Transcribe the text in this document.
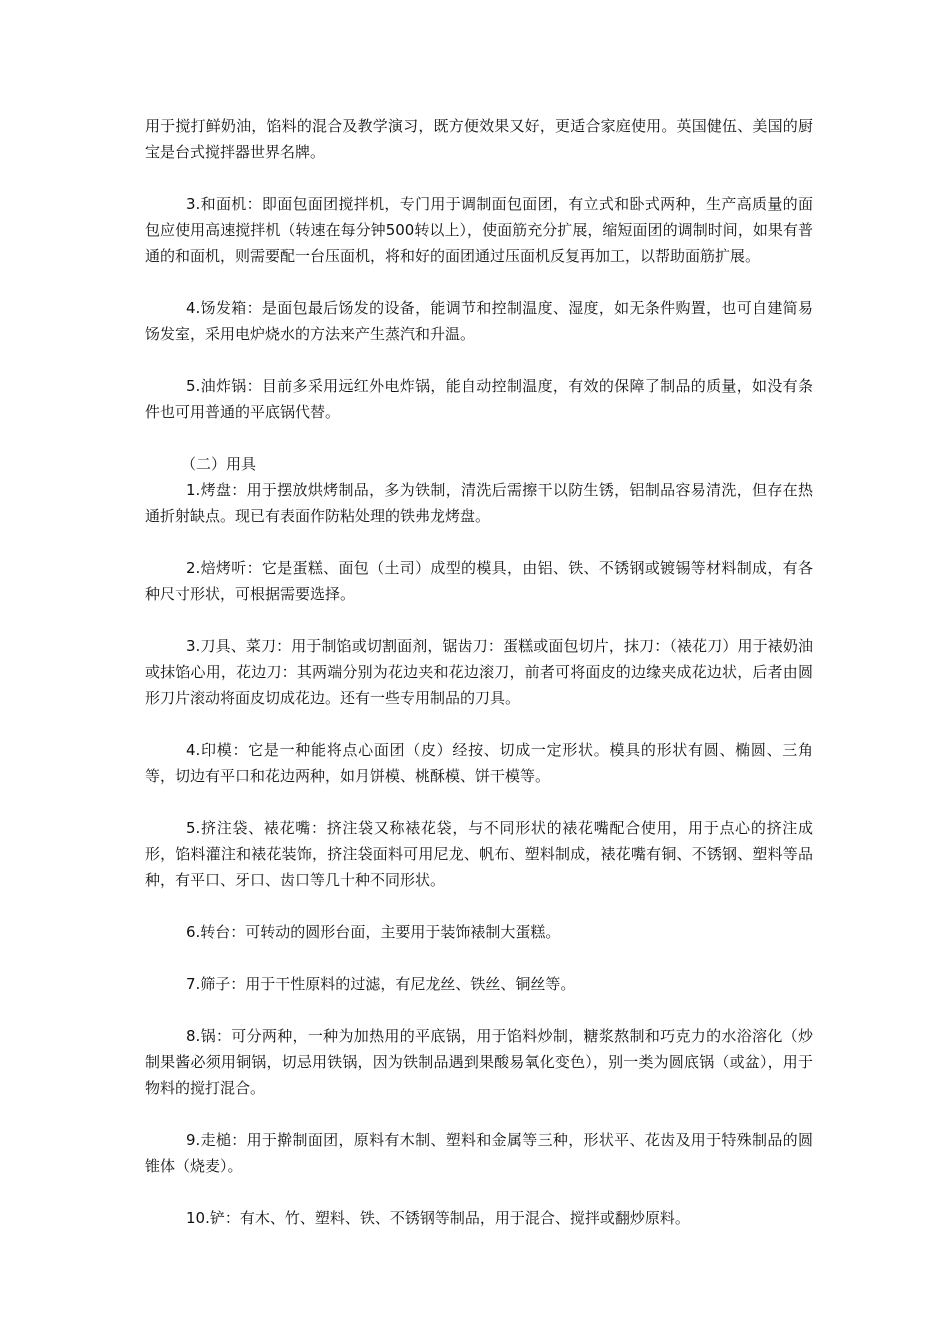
用于搅打鲜奶油，馅料的混合及教学演习，既方便效果又好，更适合家庭使用。英国健伍、美国的厨宝是台式搅拌器世界名牌。

3.和面机：即面包面团搅拌机，专门用于调制面包面团，有立式和卧式两种，生产高质量的面包应使用高速搅拌机（转速在每分钟500转以上），使面筋充分扩展，缩短面团的调制时间，如果有普通的和面机，则需要配一台压面机，将和好的面团通过压面机反复再加工，以帮助面筋扩展。

4.饧发箱：是面包最后饧发的设备，能调节和控制温度、湿度，如无条件购置，也可自建简易饧发室，采用电炉烧水的方法来产生蒸汽和升温。

5.油炸锅：目前多采用远红外电炸锅，能自动控制温度，有效的保障了制品的质量，如没有条件也可用普通的平底锅代替。

（二）用具

1.烤盘：用于摆放烘烤制品，多为铁制，清洗后需擦干以防生锈，铝制品容易清洗，但存在热通折射缺点。现已有表面作防粘处理的铁弗龙烤盘。

2.焙烤听：它是蛋糕、面包（土司）成型的模具，由铝、铁、不锈钢或镀锡等材料制成，有各种尺寸形状，可根据需要选择。

3.刀具、菜刀：用于制馅或切割面剂，锯齿刀：蛋糕或面包切片，抹刀：（裱花刀）用于裱奶油或抹馅心用，花边刀：其两端分别为花边夹和花边滚刀，前者可将面皮的边缘夹成花边状，后者由圆形刀片滚动将面皮切成花边。还有一些专用制品的刀具。

4.印模：它是一种能将点心面团（皮）经按、切成一定形状。模具的形状有圆、椭圆、三角等，切边有平口和花边两种，如月饼模、桃酥模、饼干模等。

5.挤注袋、裱花嘴：挤注袋又称裱花袋，与不同形状的裱花嘴配合使用，用于点心的挤注成形，馅料灌注和裱花装饰，挤注袋面料可用尼龙、帆布、塑料制成，裱花嘴有铜、不锈钢、塑料等品种，有平口、牙口、齿口等几十种不同形状。

6.转台：可转动的圆形台面，主要用于装饰裱制大蛋糕。

7.筛子：用于干性原料的过滤，有尼龙丝、铁丝、铜丝等。

8.锅：可分两种，一种为加热用的平底锅，用于馅料炒制，糖浆熬制和巧克力的水浴溶化（炒制果酱必须用铜锅，切忌用铁锅，因为铁制品遇到果酸易氧化变色），别一类为圆底锅（或盆），用于物料的搅打混合。

9.走槌：用于擀制面团，原料有木制、塑料和金属等三种，形状平、花齿及用于特殊制品的圆锥体（烧麦）。

10.铲：有木、竹、塑料、铁、不锈钢等制品，用于混合、搅拌或翻炒原料。
